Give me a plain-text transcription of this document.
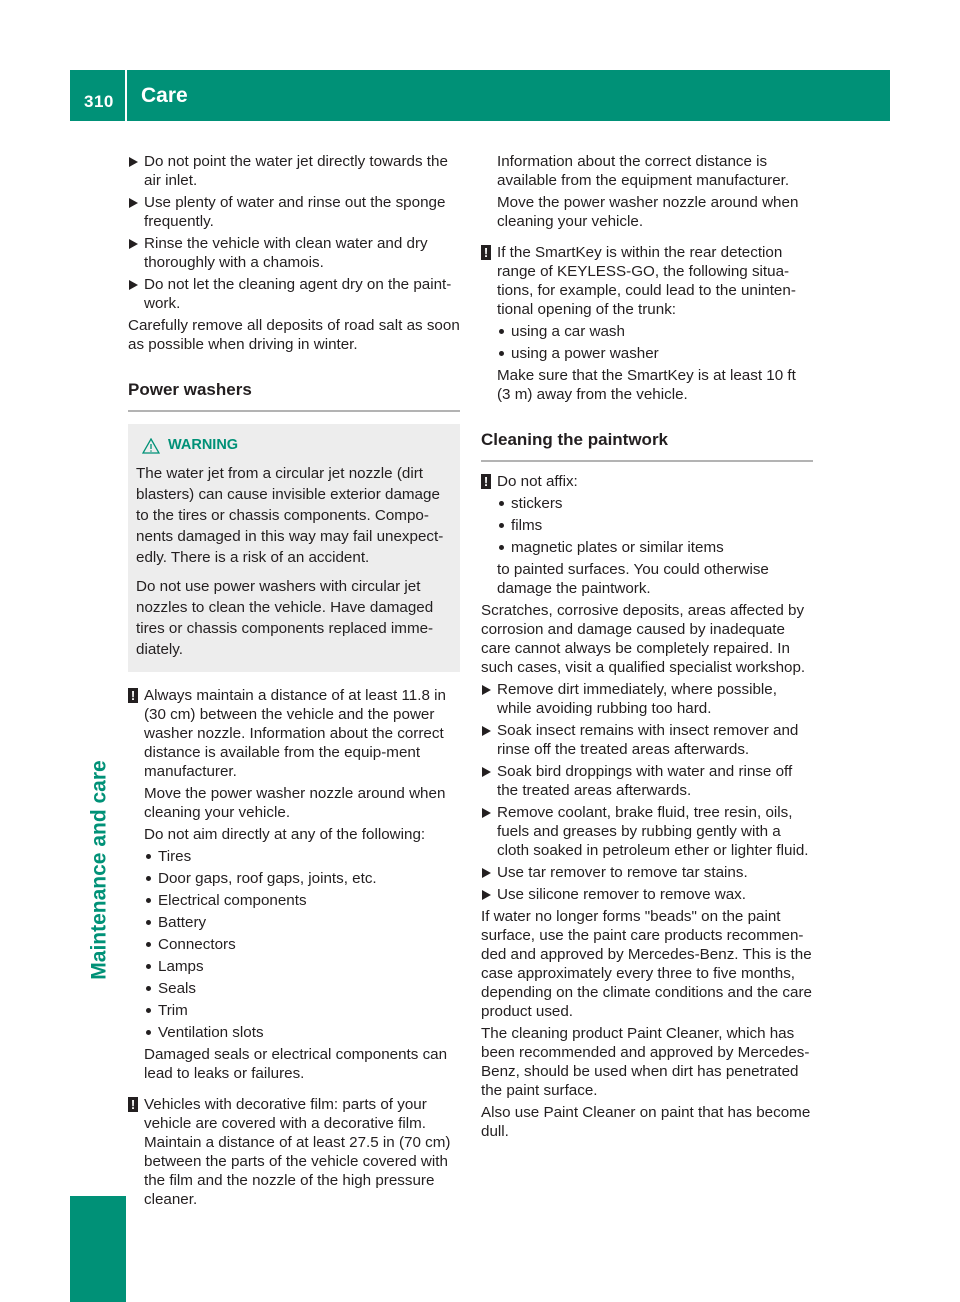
310 Care
Maintenance and care
Do not point the water jet directly towards the air inlet.
Use plenty of water and rinse out the sponge frequently.
Rinse the vehicle with clean water and dry thoroughly with a chamois.
Do not let the cleaning agent dry on the paint-work.

Carefully remove all deposits of road salt as soon as possible when driving in winter.

Power washers
WARNING

The water jet from a circular jet nozzle (dirt blasters) can cause invisible exterior damage to the tires or chassis components. Compo-nents damaged in this way may fail unexpect-edly. There is a risk of an accident.

Do not use power washers with circular jet nozzles to clean the vehicle. Have damaged tires or chassis components replaced imme-diately.

! Always maintain a distance of at least 11.8 in (30 cm) between the vehicle and the power washer nozzle. Information about the correct distance is available from the equip-ment manufacturer.

Move the power washer nozzle around when cleaning your vehicle.

Do not aim directly at any of the following:

Tires
Door gaps, roof gaps, joints, etc.
Electrical components
Battery
Connectors
Lamps
Seals
Trim
Ventilation slots

Damaged seals or electrical components can lead to leaks or failures.

! Vehicles with decorative film: parts of your vehicle are covered with a decorative film. Maintain a distance of at least 27.5 in (70 cm) between the parts of the vehicle covered with the film and the nozzle of the high pressure cleaner.

Information about the correct distance is available from the equipment manufacturer.

Move the power washer nozzle around when cleaning your vehicle.

! If the SmartKey is within the rear detection range of KEYLESS-GO, the following situa-tions, for example, could lead to the uninten-tional opening of the trunk:
using a car wash
using a power washer

Make sure that the SmartKey is at least 10 ft (3 m) away from the vehicle.

Cleaning the paintwork
! Do not affix:
stickers
films
magnetic plates or similar items

to painted surfaces. You could otherwise damage the paintwork.

Scratches, corrosive deposits, areas affected by corrosion and damage caused by inadequate care cannot always be completely repaired. In such cases, visit a qualified specialist workshop.

Remove dirt immediately, where possible, while avoiding rubbing too hard.
Soak insect remains with insect remover and rinse off the treated areas afterwards.
Soak bird droppings with water and rinse off the treated areas afterwards.
Remove coolant, brake fluid, tree resin, oils, fuels and greases by rubbing gently with a cloth soaked in petroleum ether or lighter fluid.
Use tar remover to remove tar stains.
Use silicone remover to remove wax.

If water no longer forms "beads" on the paint surface, use the paint care products recommen-ded and approved by Mercedes-Benz. This is the case approximately every three to five months, depending on the climate conditions and the care product used.

The cleaning product Paint Cleaner, which has been recommended and approved by Mercedes-Benz, should be used when dirt has penetrated the paint surface.

Also use Paint Cleaner on paint that has become dull.
